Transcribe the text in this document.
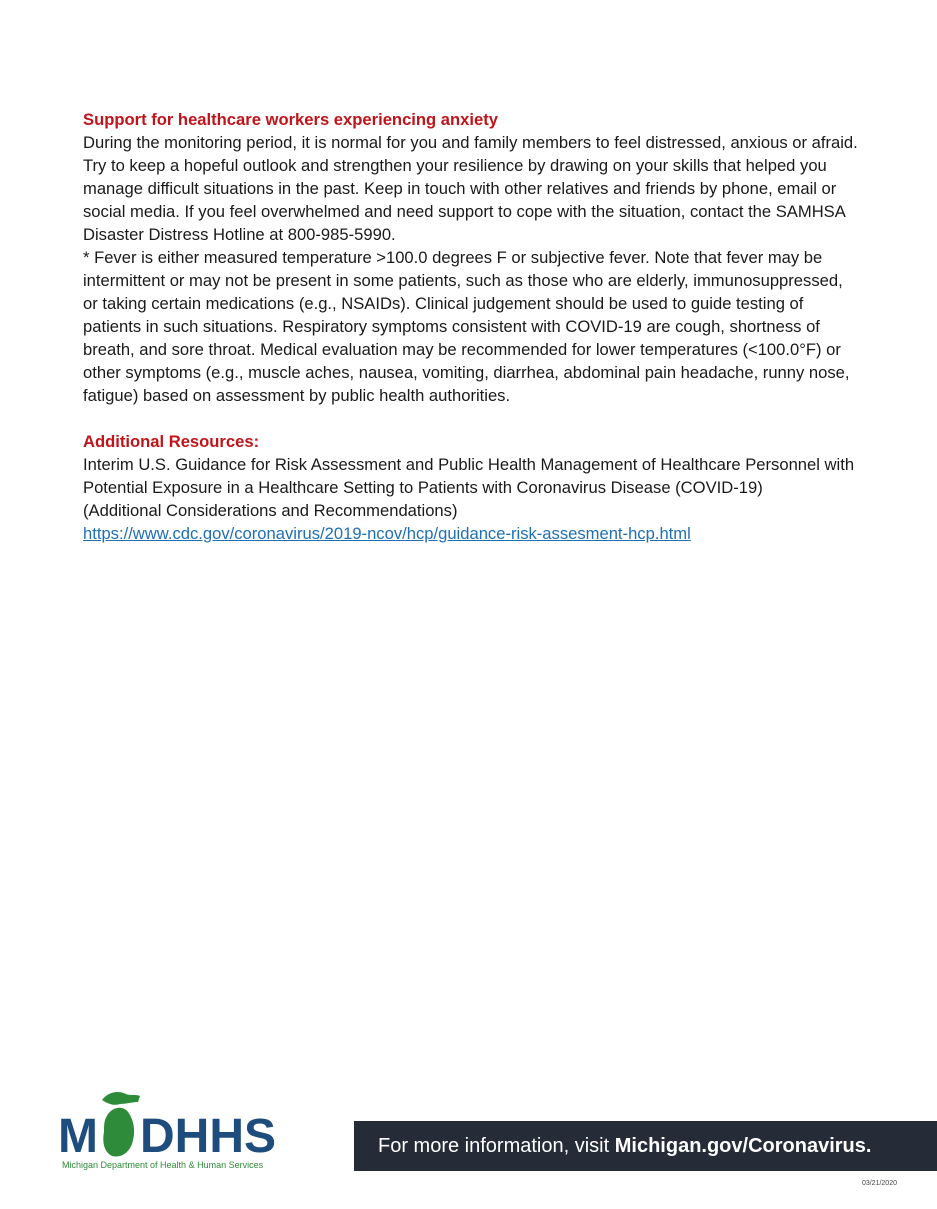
Support for healthcare workers experiencing anxiety

During the monitoring period, it is normal for you and family members to feel distressed, anxious or afraid. Try to keep a hopeful outlook and strengthen your resilience by drawing on your skills that helped you manage difficult situations in the past. Keep in touch with other relatives and friends by phone, email or social media. If you feel overwhelmed and need support to cope with the situation, contact the SAMHSA Disaster Distress Hotline at 800-985-5990.

* Fever is either measured temperature >100.0 degrees F or subjective fever. Note that fever may be intermittent or may not be present in some patients, such as those who are elderly, immunosuppressed, or taking certain medications (e.g., NSAIDs). Clinical judgement should be used to guide testing of patients in such situations. Respiratory symptoms consistent with COVID-19 are cough, shortness of breath, and sore throat. Medical evaluation may be recommended for lower temperatures (<100.0°F) or other symptoms (e.g., muscle aches, nausea, vomiting, diarrhea, abdominal pain headache, runny nose, fatigue) based on assessment by public health authorities.

Additional Resources:

Interim U.S. Guidance for Risk Assessment and Public Health Management of Healthcare Personnel with Potential Exposure in a Healthcare Setting to Patients with Coronavirus Disease (COVID-19)

(Additional Considerations and Recommendations)

https://www.cdc.gov/coronavirus/2019-ncov/hcp/guidance-risk-assesment-hcp.html

M DHHS
Michigan Department of Health & Human Services
For more information, visit Michigan.gov/Coronavirus.
03/21/2020
